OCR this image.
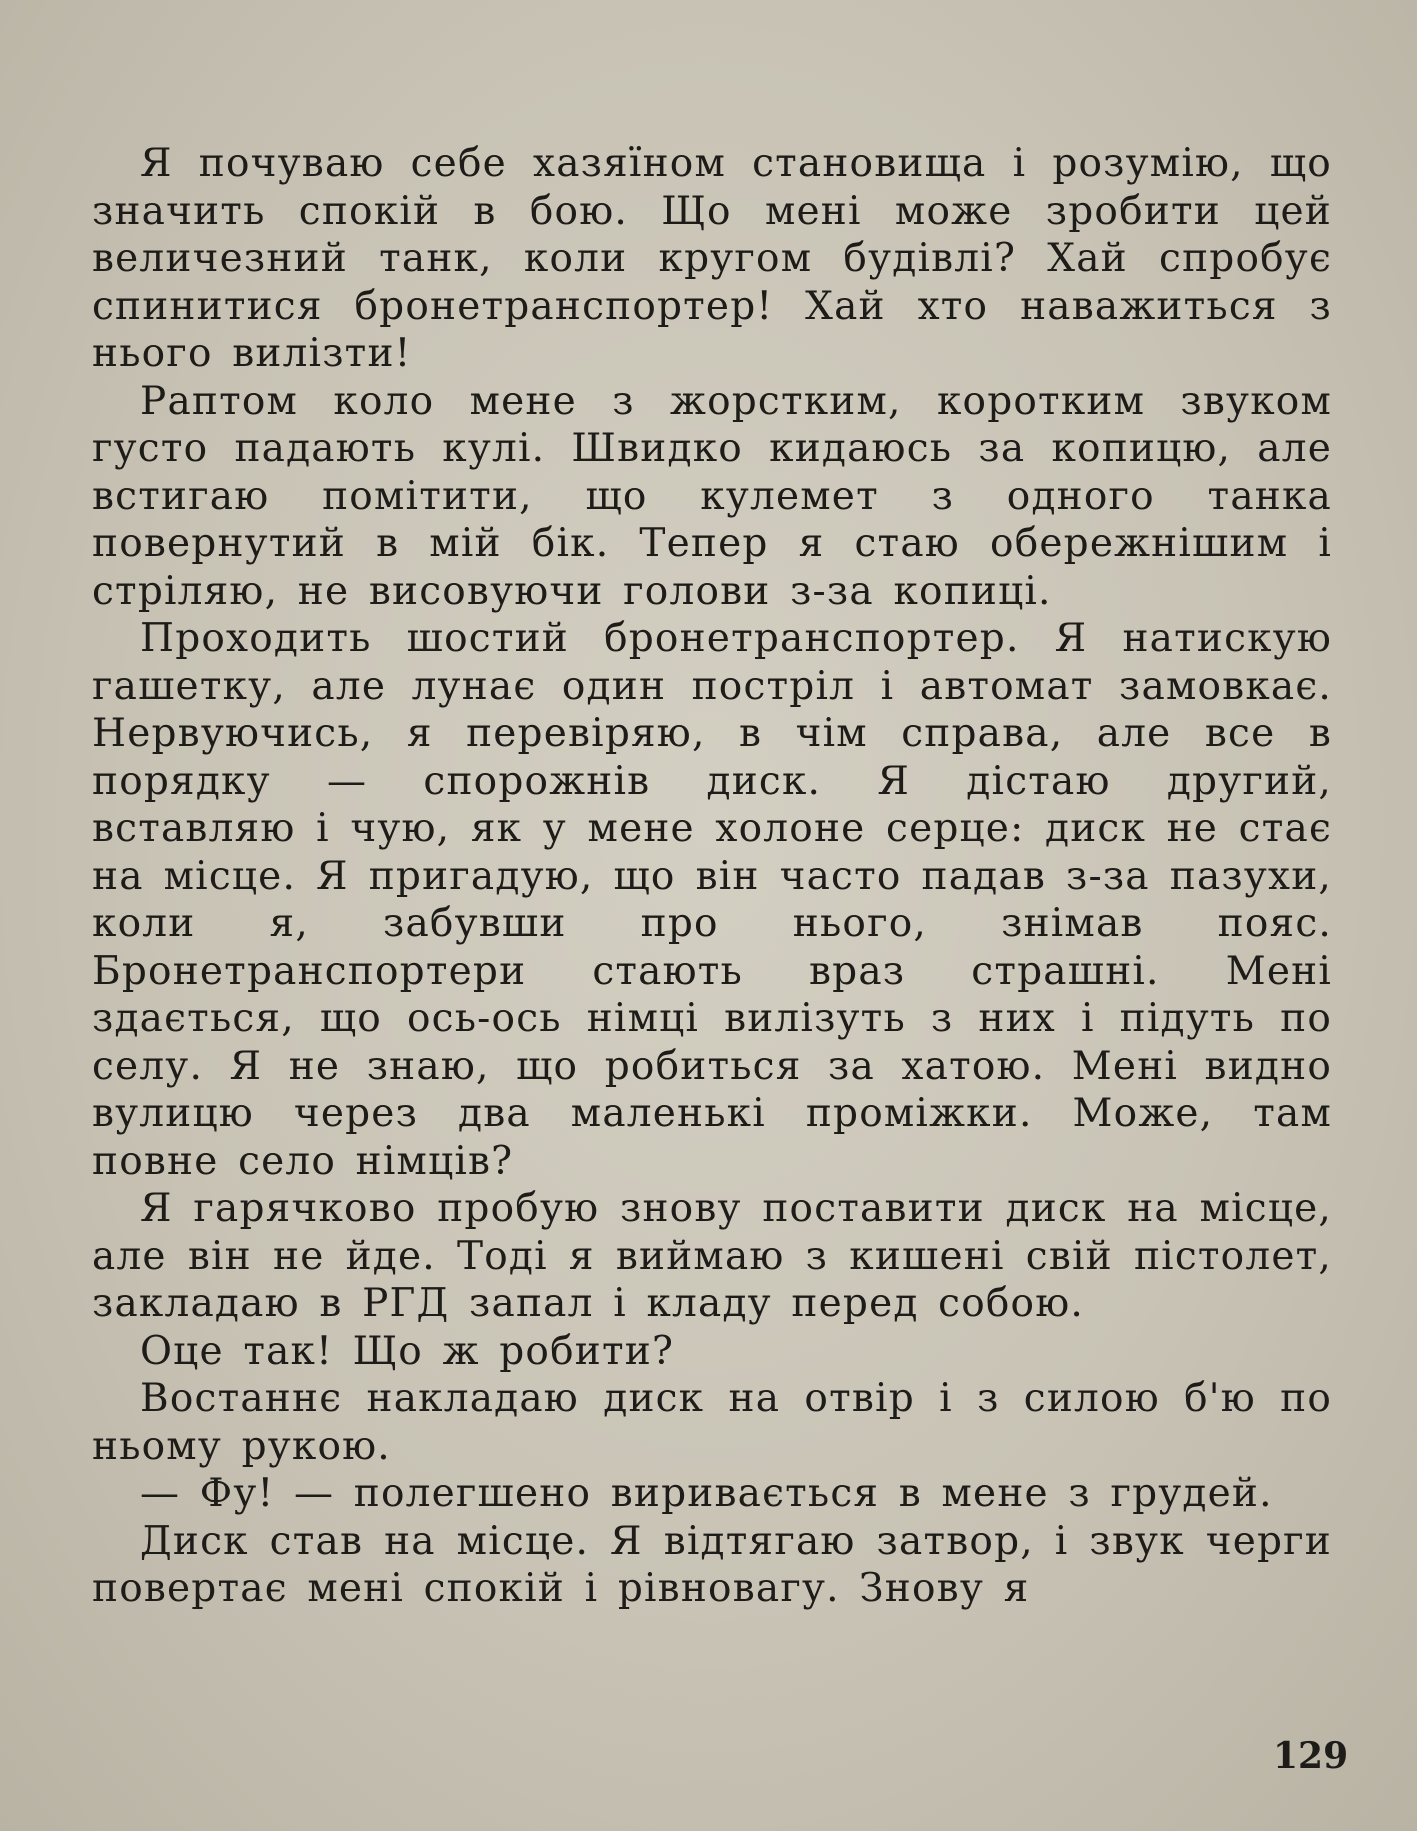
Я почуваю себе хазяїном становища і розумію, що значить спокій в бою. Що мені може зробити цей величезний танк, коли кругом будівлі? Хай спробує спинитися бронетранспортер! Хай хто наважиться з нього вилізти!

Раптом коло мене з жорстким, коротким звуком густо падають кулі. Швидко кидаюсь за копицю, але встигаю помітити, що кулемет з одного танка повернутий в мій бік. Тепер я стаю обережнішим і стріляю, не висовуючи голови з-за копиці.

Проходить шостий бронетранспортер. Я натискую гашетку, але лунає один постріл і автомат замовкає. Нервуючись, я перевіряю, в чім справа, але все в порядку — спорожнів диск. Я дістаю другий, вставляю і чую, як у мене холоне серце: диск не стає на місце. Я пригадую, що він часто падав з-за пазухи, коли я, забувши про нього, знімав пояс. Бронетранспортери стають враз страшні. Мені здається, що ось-ось німці вилізуть з них і підуть по селу. Я не знаю, що робиться за хатою. Мені видно вулицю через два маленькі проміжки. Може, там повне село німців?

Я гарячково пробую знову поставити диск на місце, але він не йде. Тоді я виймаю з кишені свій пістолет, закладаю в РГД запал і кладу перед собою.

Оце так! Що ж робити?

Востаннє накладаю диск на отвір і з силою б'ю по ньому рукою.

— Фу! — полегшено виривається в мене з грудей.

Диск став на місце. Я відтягаю затвор, і звук черги повертає мені спокій і рівновагу. Знову я

129
